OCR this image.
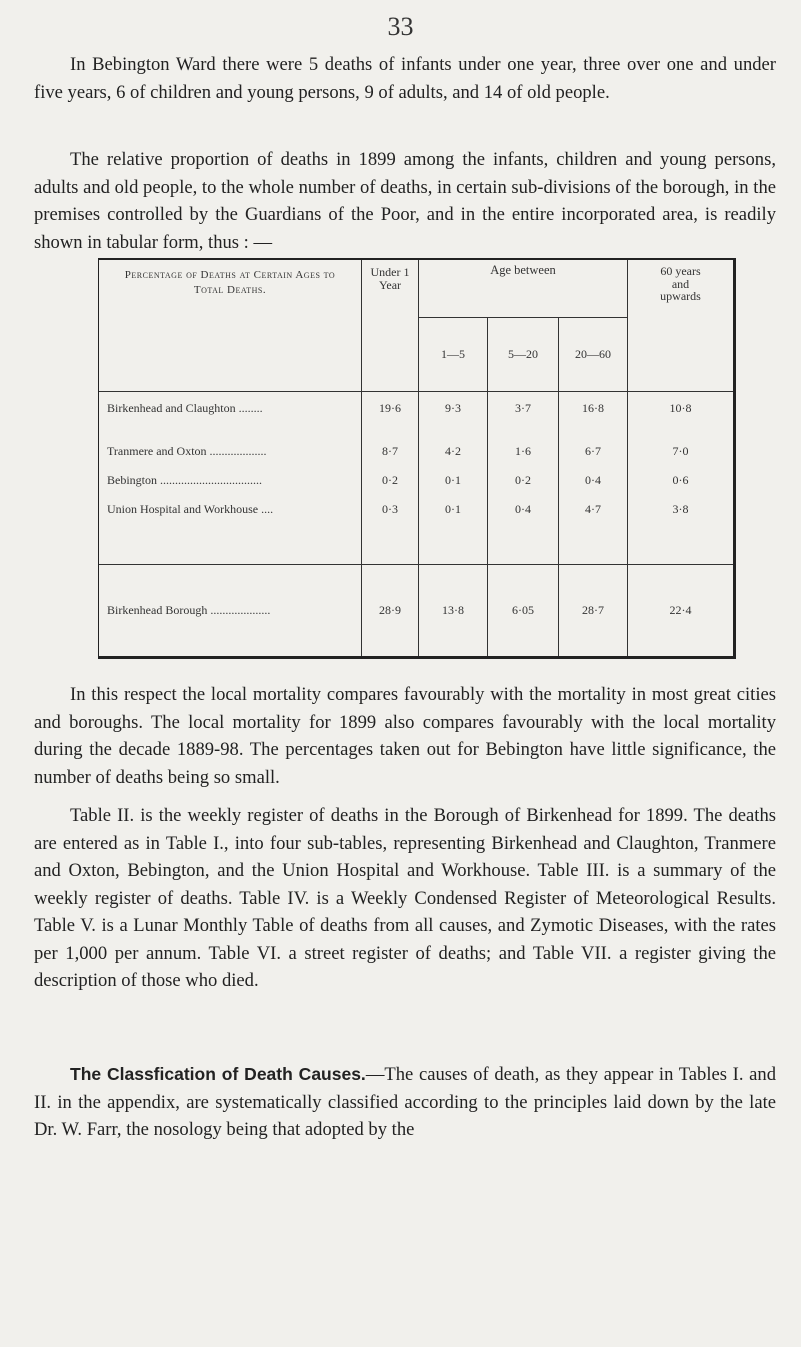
33

In Bebington Ward there were 5 deaths of infants under one year, three over one and under five years, 6 of children and young persons, 9 of adults, and 14 of old people.

The relative proportion of deaths in 1899 among the infants, children and young persons, adults and old people, to the whole number of deaths, in certain sub-divisions of the borough, in the premises controlled by the Guardians of the Poor, and in the entire incorporated area, is readily shown in tabular form, thus : —

Percentage of Deaths at Certain Ages to Total Deaths.	Under 1 Year	Age between			60 years and upwards
		1—5	5—20	20—60	
Birkenhead and Claughton ........	19·6	9·3	3·7	16·8	10·8
Tranmere and Oxton ...................	8·7	4·2	1·6	6·7	7·0
Bebington ..................................	0·2	0·1	0·2	0·4	0·6
Union Hospital and Workhouse ....	0·3	0·1	0·4	4·7	3·8
Birkenhead Borough ....................	28·9	13·8	6·05	28·7	22·4

In this respect the local mortality compares favourably with the mortality in most great cities and boroughs. The local mortality for 1899 also compares favourably with the local mortality during the decade 1889-98. The percentages taken out for Bebington have little significance, the number of deaths being so small.

Table II. is the weekly register of deaths in the Borough of Birkenhead for 1899. The deaths are entered as in Table I., into four sub-tables, representing Birkenhead and Claughton, Tranmere and Oxton, Bebington, and the Union Hospital and Workhouse. Table III. is a summary of the weekly register of deaths. Table IV. is a Weekly Condensed Register of Meteorological Results. Table V. is a Lunar Monthly Table of deaths from all causes, and Zymotic Diseases, with the rates per 1,000 per annum. Table VI. a street register of deaths; and Table VII. a register giving the description of those who died.

The Classfication of Death Causes.—The causes of death, as they appear in Tables I. and II. in the appendix, are systematically classified according to the principles laid down by the late Dr. W. Farr, the nosology being that adopted by the
